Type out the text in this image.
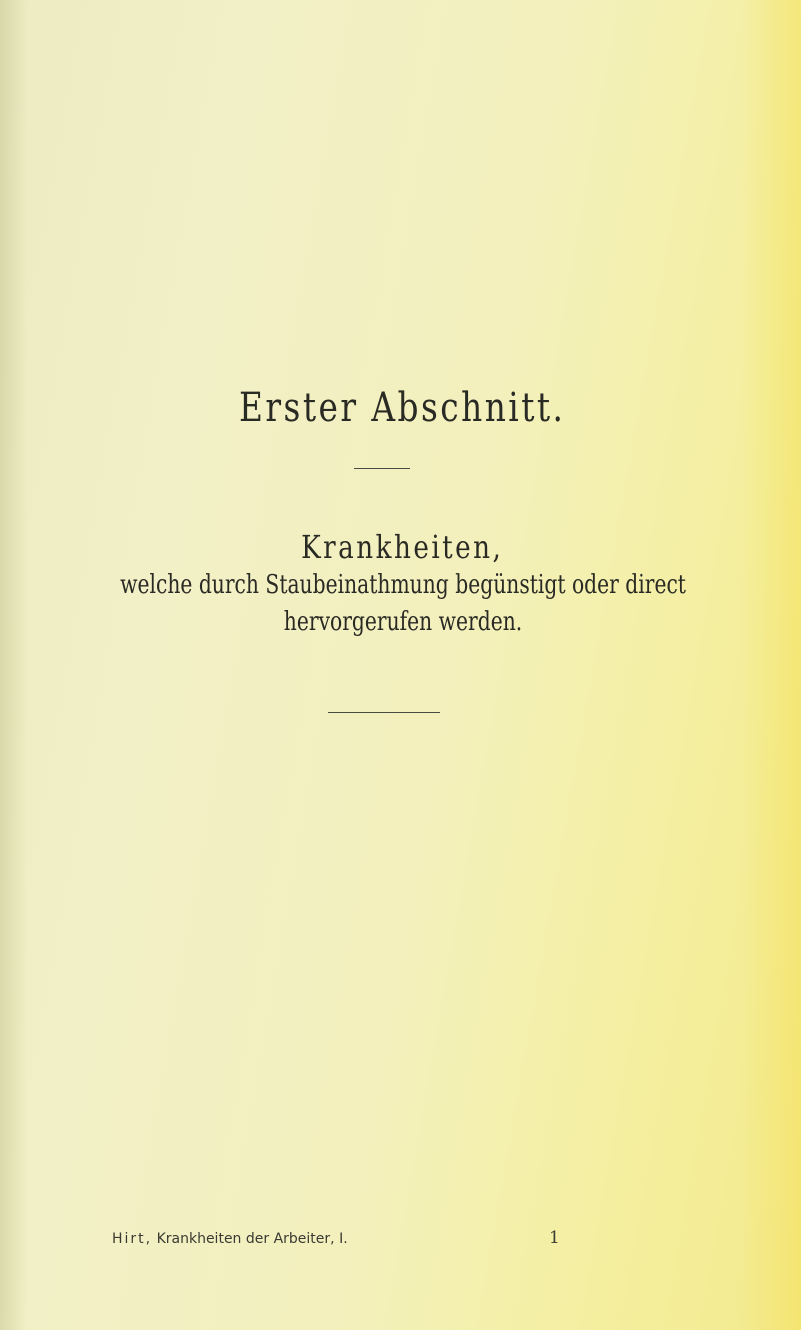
Erster Abschnitt.
Krankheiten,
welche durch Staubeinathmung begünstigt oder direct
hervorgerufen werden.
Hirt, Krankheiten der Arbeiter, I.	1
